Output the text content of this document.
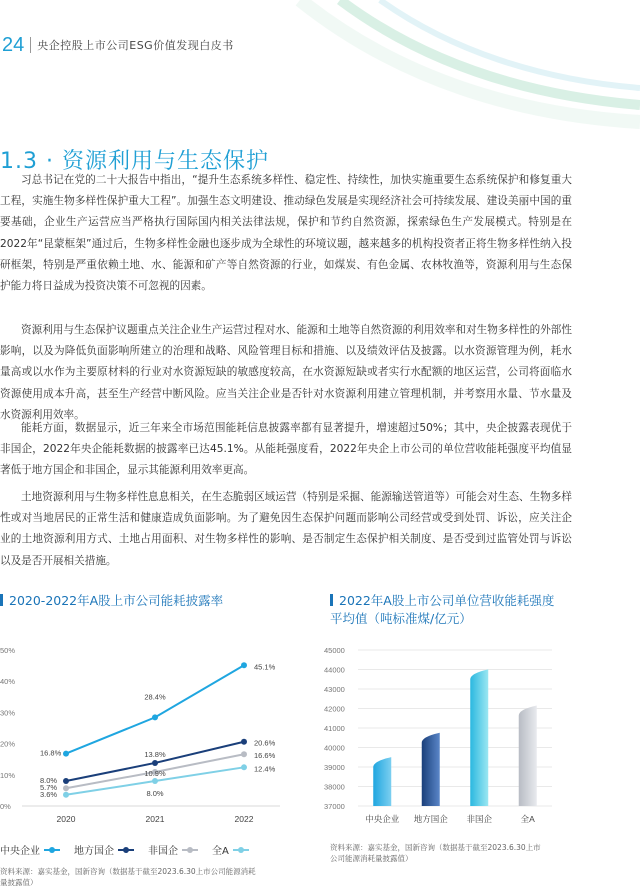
24 央企控股上市公司ESG价值发现白皮书
1.3 · 资源利用与生态保护

习总书记在党的二十大报告中指出，“提升生态系统多样性、稳定性、持续性，加快实施重要生态系统保护和修复重大工程，实施生物多样性保护重大工程”。加强生态文明建设、推动绿色发展是实现经济社会可持续发展、建设美丽中国的重要基础，企业生产运营应当严格执行国际国内相关法律法规，保护和节约自然资源，探索绿色生产发展模式。特别是在2022年“昆蒙框架”通过后，生物多样性金融也逐步成为全球性的环境议题，越来越多的机构投资者正将生物多样性纳入投研框架，特别是严重依赖土地、水、能源和矿产等自然资源的行业，如煤炭、有色金属、农林牧渔等，资源利用与生态保护能力将日益成为投资决策不可忽视的因素。

资源利用与生态保护议题重点关注企业生产运营过程对水、能源和土地等自然资源的利用效率和对生物多样性的外部性影响，以及为降低负面影响所建立的治理和战略、风险管理目标和措施、以及绩效评估及披露。以水资源管理为例，耗水量高或以水作为主要原材料的行业对水资源短缺的敏感度较高，在水资源短缺或者实行水配额的地区运营，公司将面临水资源使用成本升高，甚至生产经营中断风险。应当关注企业是否针对水资源利用建立管理机制，并考察用水量、节水量及水资源利用效率。

能耗方面，数据显示，近三年来全市场范围能耗信息披露率都有显著提升，增速超过50%；其中，央企披露表现优于非国企，2022年央企能耗数据的披露率已达45.1%。从能耗强度看，2022年央企上市公司的单位营收能耗强度平均值显著低于地方国企和非国企，显示其能源利用效率更高。

土地资源利用与生物多样性息息相关，在生态脆弱区域运营（特别是采掘、能源输送管道等）可能会对生态、生物多样性或对当地居民的正常生活和健康造成负面影响。为了避免因生态保护问题而影响公司经营或受到处罚、诉讼，应关注企业的土地资源利用方式、土地占用面积、对生物多样性的影响、是否制定生态保护相关制度、是否受到过监管处罚与诉讼以及是否开展相关措施。

2020-2022年A股上市公司能耗披露率	2022年A股上市公司单位营收能耗强度平均值（吨标准煤/亿元）
0%
10%
20%
30%
40%
50%
2020	2021	2022
16.8%
28.4%
45.1%
8.0%
13.8%
20.6%
5.7%
10.9%
16.6%
3.6%	8.0%
12.4%
37000
38000
39000
40000
41000
42000
43000
44000
45000
中央企业 地方国企 非国企	全A
中央企业	地方国企	非国企	全A
资料来源：嘉实基金，国新咨询（数据基于截至2023.6.30上市公司能源消耗量披露值）
资料来源：嘉实基金，国新咨询（数据基于截至2023.6.30上市公司能源消耗量披露值）
